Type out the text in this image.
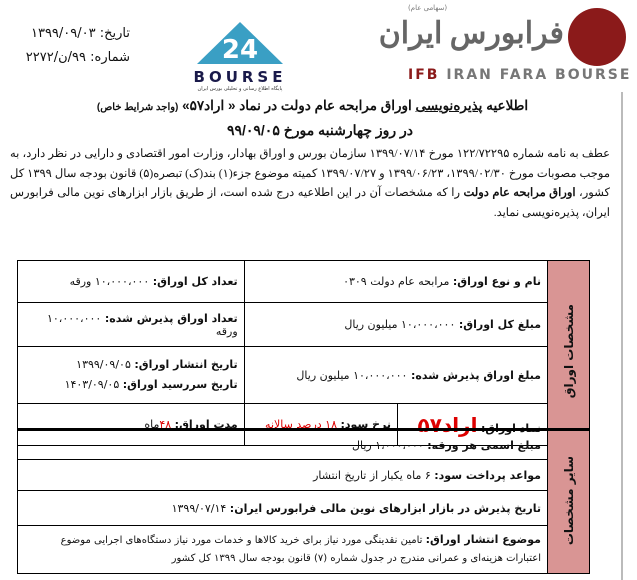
تاریخ: ۱۳۹۹/۰۹/۰۳
شماره: ۹۹/ن/۲۲۷۲	24
BOURSE
پایگاه اطلاع رسانی و تحلیلی بورس ایران
(سهامی عام)
فرابورس ایران
IFB IRAN FARA BOURSE
اطلاعیه پذیره‌نویسی اوراق مرابحه عام دولت در نماد « اراد۵۷» (واجد شرایط خاص)
در روز چهارشنبه مورخ ۹۹/۰۹/۰۵
عطف به نامه شماره ۱۲۲/۷۲۲۹۵ مورخ ۱۳۹۹/۰۷/۱۴ سازمان بورس و اوراق بهادار، وزارت امور اقتصادی و دارایی در نظر دارد، به موجب مصوبات مورخ ۱۳۹۹/۰۲/۳۰، ۱۳۹۹/۰۶/۲۳ و ۱۳۹۹/۰۷/۲۷ کمیته موضوع جزء(۱) بند(ک) تبصره(۵) قانون بودجه سال ۱۳۹۹ کل کشور، اوراق مرابحه عام دولت را که مشخصات آن در این اطلاعیه درج شده است، از طریق بازار ابزارهای نوین مالی فرابورس ایران، پذیره‌نویسی نماید.
مشخصات اوراق	نام و نوع اوراق: مرابحه عام دولت ۰۳۰۹		تعداد کل اوراق: ۱۰،۰۰۰،۰۰۰ ورقه
	مبلغ کل اوراق: ۱۰،۰۰۰،۰۰۰ میلیون ریال		تعداد اوراق پذیرش شده: ۱۰،۰۰۰،۰۰۰ ورقه
	مبلغ اوراق پذیرش شده: ۱۰،۰۰۰،۰۰۰ میلیون ریال		تاریخ انتشار اوراق: ۱۳۹۹/۰۹/۰۵
تاریخ سررسید اوراق: ۱۴۰۳/۰۹/۰۵

	نماد اوراق: اراد۵۷	نرخ سود: ۱۸ درصد سالانه	مدت اوراق: ۴۸ماه
سایر مشخصات	مبلغ اسمی هر ورقه: ۱،۰۰۰،۰۰۰ ریال
مواعد پرداخت سود: ۶ ماه یکبار از تاریخ انتشار
تاریخ پذیرش در بازار ابزارهای نوین مالی فرابورس ایران: ۱۳۹۹/۰۷/۱۴
موضوع انتشار اوراق: تامین نقدینگی مورد نیاز برای خرید کالاها و خدمات مورد نیاز دستگاه‌های اجرایی موضوع اعتبارات هزینه‌ای و عمرانی مندرج در جدول شماره (۷) قانون بودجه سال ۱۳۹۹ کل کشور
